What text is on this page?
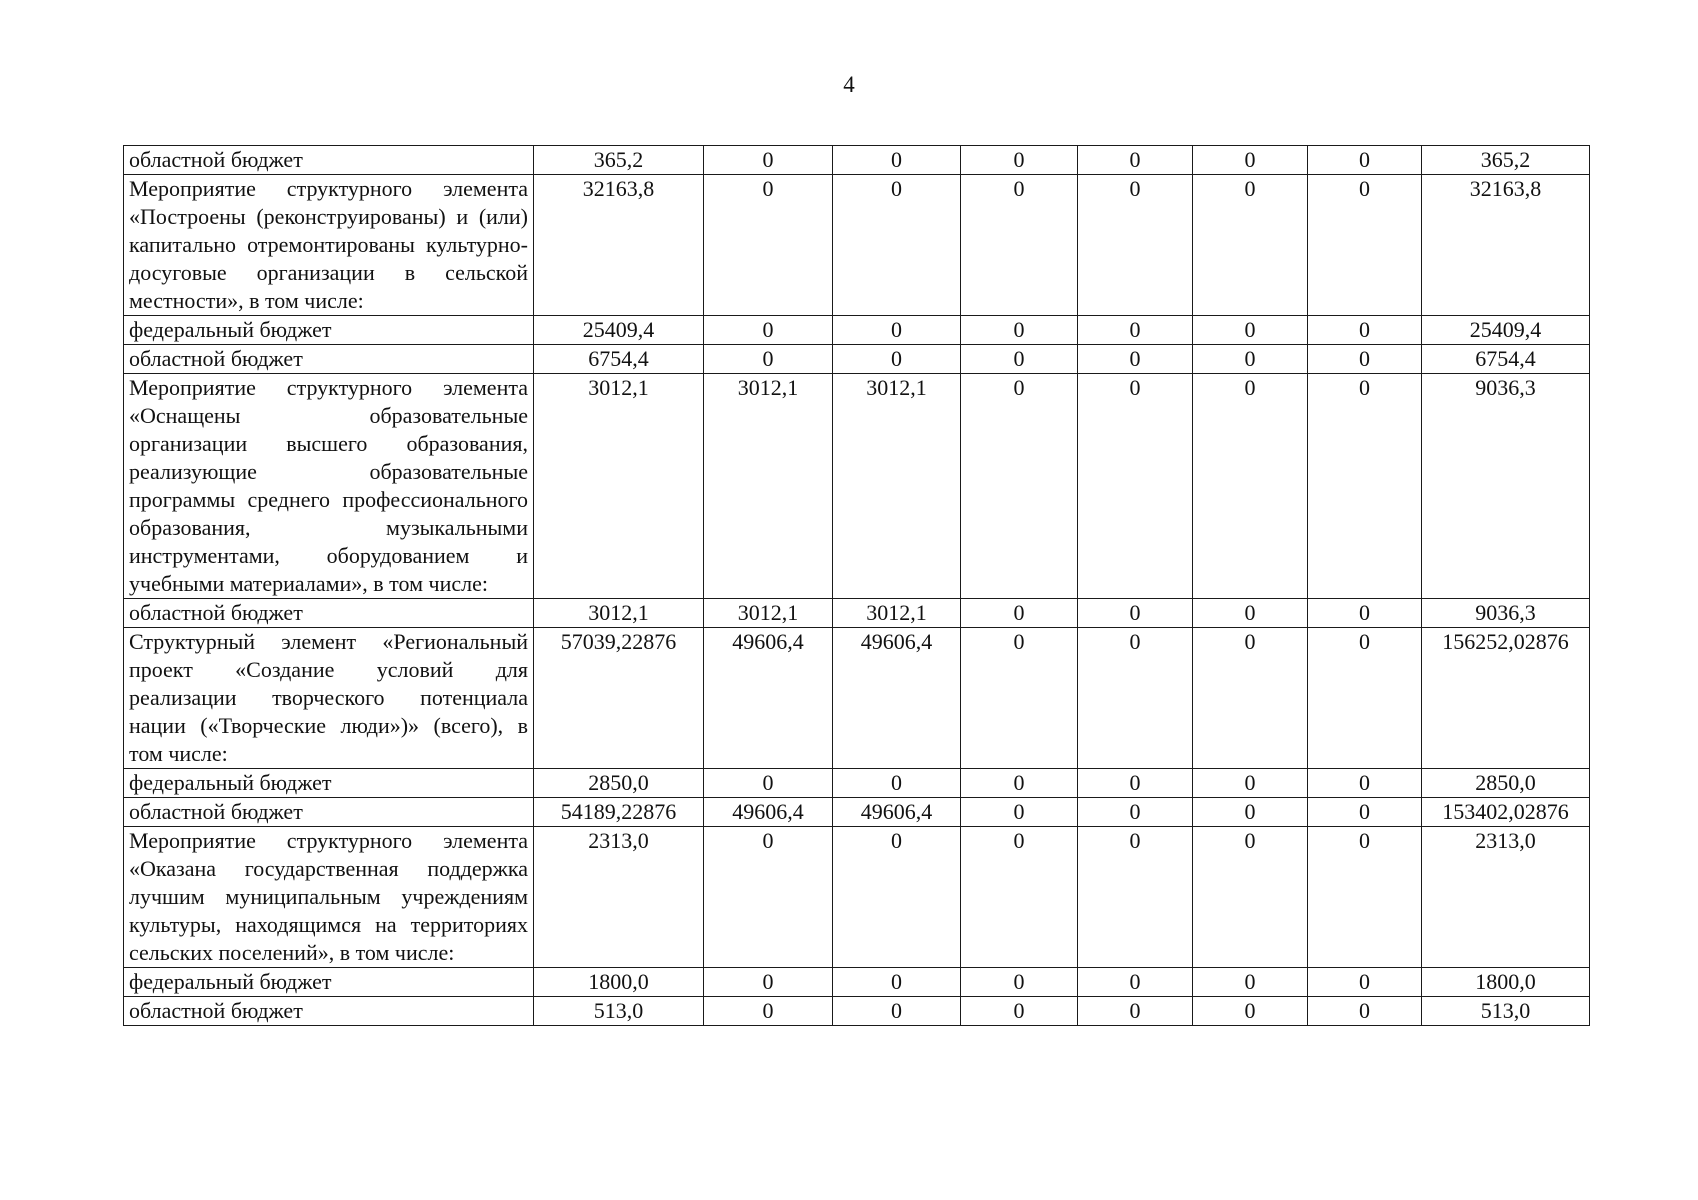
4
областной бюджет	365,2	0	0	0	0	0	0	365,2
Мероприятие структурного элемента «Построены (реконструированы) и (или) капитально отремонтированы культурно-досуговые организации в сельской местности», в том числе:	32163,8	0	0	0	0	0	0	32163,8
федеральный бюджет	25409,4	0	0	0	0	0	0	25409,4
областной бюджет	6754,4	0	0	0	0	0	0	6754,4
Мероприятие структурного элемента «Оснащены образовательные организации высшего образования, реализующие образовательные программы среднего профессионального образования, музыкальными инструментами, оборудованием и учебными материалами», в том числе:	3012,1	3012,1	3012,1	0	0	0	0	9036,3
областной бюджет	3012,1	3012,1	3012,1	0	0	0	0	9036,3
Структурный элемент «Региональный проект «Создание условий для реализации творческого потенциала нации («Творческие люди»)» (всего), в том числе:	57039,22876	49606,4	49606,4	0	0	0	0	156252,02876
федеральный бюджет	2850,0	0	0	0	0	0	0	2850,0
областной бюджет	54189,22876	49606,4	49606,4	0	0	0	0	153402,02876
Мероприятие структурного элемента «Оказана государственная поддержка лучшим муниципальным учреждениям культуры, находящимся на территориях сельских поселений», в том числе:	2313,0	0	0	0	0	0	0	2313,0
федеральный бюджет	1800,0	0	0	0	0	0	0	1800,0
областной бюджет	513,0	0	0	0	0	0	0	513,0
